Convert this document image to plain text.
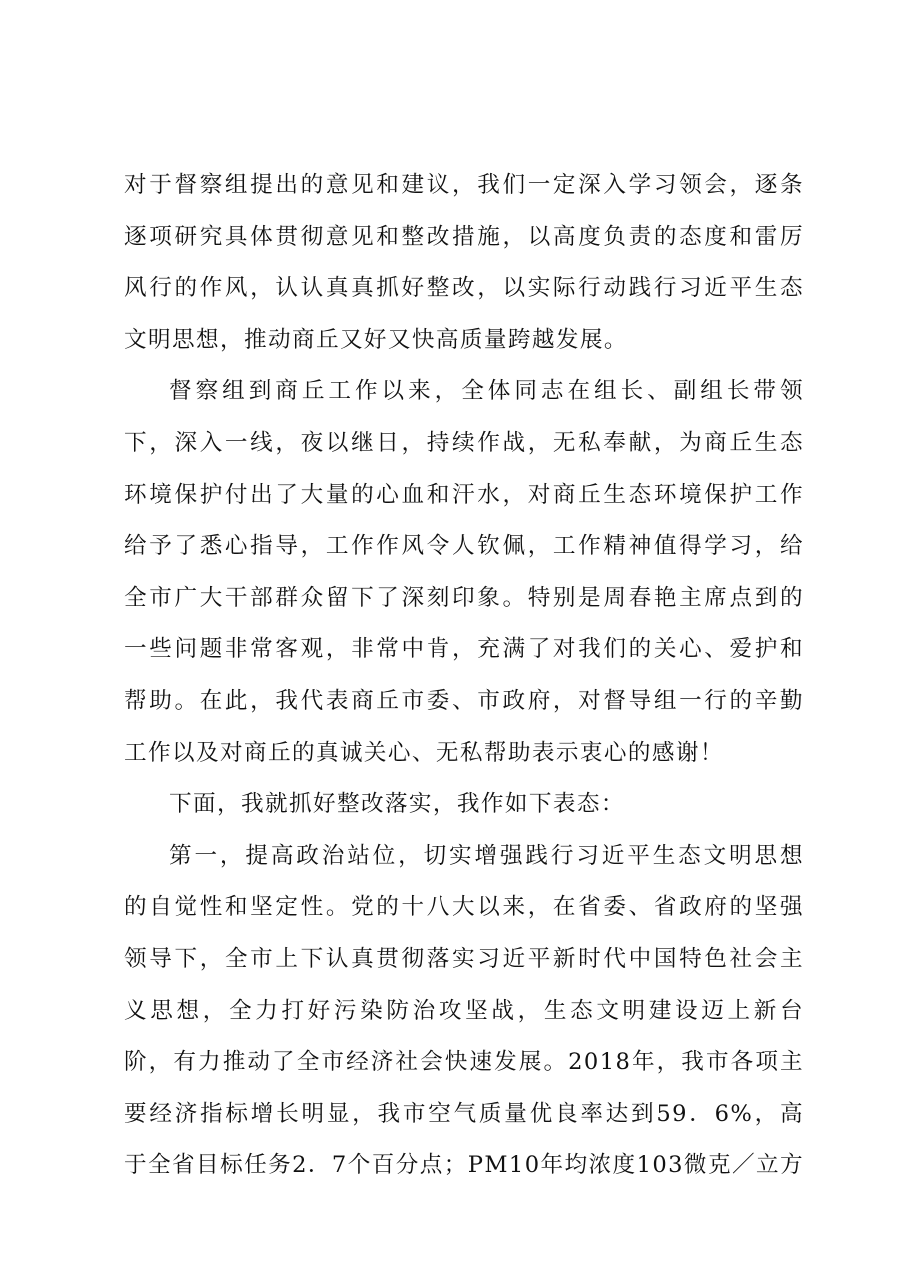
对于督察组提出的意见和建议，我们一定深入学习领会，逐条
逐项研究具体贯彻意见和整改措施，以高度负责的态度和雷厉
风行的作风，认认真真抓好整改，以实际行动践行习近平生态
文明思想，推动商丘又好又快高质量跨越发展。
督察组到商丘工作以来，全体同志在组长、副组长带领
下，深入一线，夜以继日，持续作战，无私奉献，为商丘生态
环境保护付出了大量的心血和汗水，对商丘生态环境保护工作
给予了悉心指导，工作作风令人钦佩，工作精神值得学习，给
全市广大干部群众留下了深刻印象。特别是周春艳主席点到的
一些问题非常客观，非常中肯，充满了对我们的关心、爱护和
帮助。在此，我代表商丘市委、市政府，对督导组一行的辛勤
工作以及对商丘的真诚关心、无私帮助表示衷心的感谢！
下面，我就抓好整改落实，我作如下表态：
第一，提高政治站位，切实增强践行习近平生态文明思想
的自觉性和坚定性。党的十八大以来，在省委、省政府的坚强
领导下，全市上下认真贯彻落实习近平新时代中国特色社会主
义思想，全力打好污染防治攻坚战，生态文明建设迈上新台
阶，有力推动了全市经济社会快速发展。2018年，我市各项主
要经济指标增长明显，我市空气质量优良率达到59．6%，高
于全省目标任务2．7个百分点；PM10年均浓度103微克／立方
